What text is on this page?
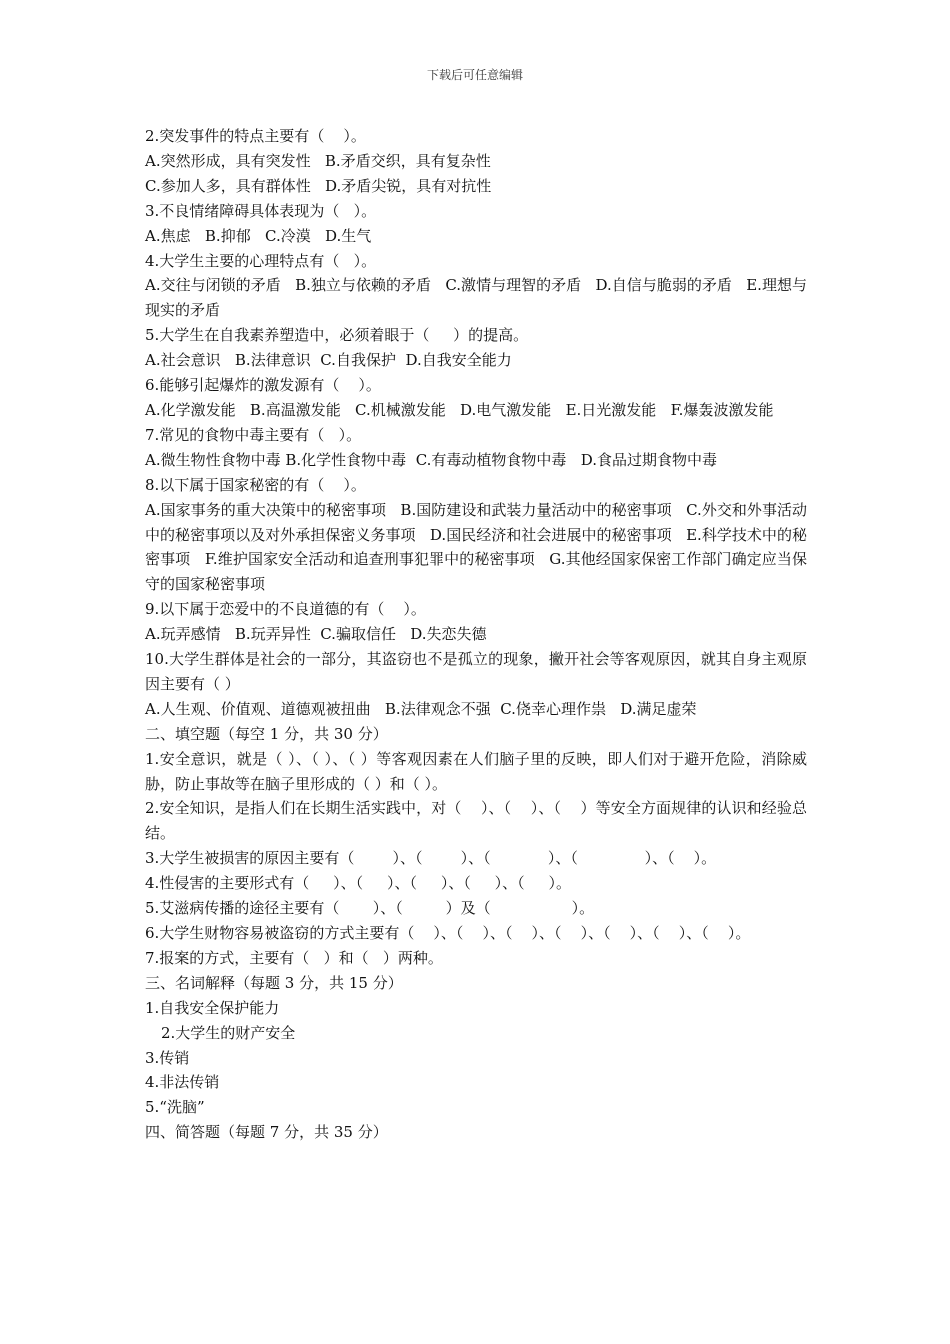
下载后可任意编辑

2.突发事件的特点主要有（    ）。

A.突然形成，具有突发性   B.矛盾交织，具有复杂性

C.参加人多，具有群体性   D.矛盾尖锐，具有对抗性

3.不良情绪障碍具体表现为（   ）。

A.焦虑   B.抑郁   C.冷漠   D.生气

4.大学生主要的心理特点有（   ）。

A.交往与闭锁的矛盾   B.独立与依赖的矛盾   C.激情与理智的矛盾   D.自信与脆弱的矛盾   E.理想与现实的矛盾

5.大学生在自我素养塑造中，必须着眼于（     ）的提高。

A.社会意识   B.法律意识  C.自我保护  D.自我安全能力

6.能够引起爆炸的激发源有（    ）。

A.化学激发能   B.高温激发能   C.机械激发能   D.电气激发能   E.日光激发能   F.爆轰波激发能

7.常见的食物中毒主要有（   ）。

A.微生物性食物中毒 B.化学性食物中毒  C.有毒动植物食物中毒   D.食品过期食物中毒

8.以下属于国家秘密的有（    ）。

A.国家事务的重大决策中的秘密事项   B.国防建设和武装力量活动中的秘密事项   C.外交和外事活动中的秘密事项以及对外承担保密义务事项   D.国民经济和社会进展中的秘密事项   E.科学技术中的秘密事项   F.维护国家安全活动和追查刑事犯罪中的秘密事项   G.其他经国家保密工作部门确定应当保守的国家秘密事项

9.以下属于恋爱中的不良道德的有（    ）。

A.玩弄感情   B.玩弄异性  C.骗取信任   D.失恋失德

10.大学生群体是社会的一部分，其盗窃也不是孤立的现象，撇开社会等客观原因，就其自身主观原因主要有（ ）

A.人生观、价值观、道德观被扭曲   B.法律观念不强  C.侥幸心理作祟   D.满足虚荣

二、填空题（每空 1 分，共 30 分）

1.安全意识，就是（ ）、（ ）、（ ）等客观因素在人们脑子里的反映，即人们对于避开危险，消除威胁，防止事故等在脑子里形成的（ ）和（ ）。

2.安全知识，是指人们在长期生活实践中，对（    ）、（    ）、（    ）等安全方面规律的认识和经验总结。

3.大学生被损害的原因主要有（        ）、（        ）、（            ）、（              ）、（    ）。

4.性侵害的主要形式有（     ）、（     ）、（     ）、（     ）、（     ）。

5.艾滋病传播的途径主要有（       ）、（         ）及（                 ）。

6.大学生财物容易被盗窃的方式主要有（    ）、（    ）、（    ）、（    ）、（    ）、（    ）、（    ）。

7.报案的方式，主要有（   ）和（   ）两种。

三、名词解释（每题 3 分，共 15 分）

1.自我安全保护能力

2.大学生的财产安全

3.传销

4.非法传销

5.“洗脑”

四、简答题（每题 7 分，共 35 分）
